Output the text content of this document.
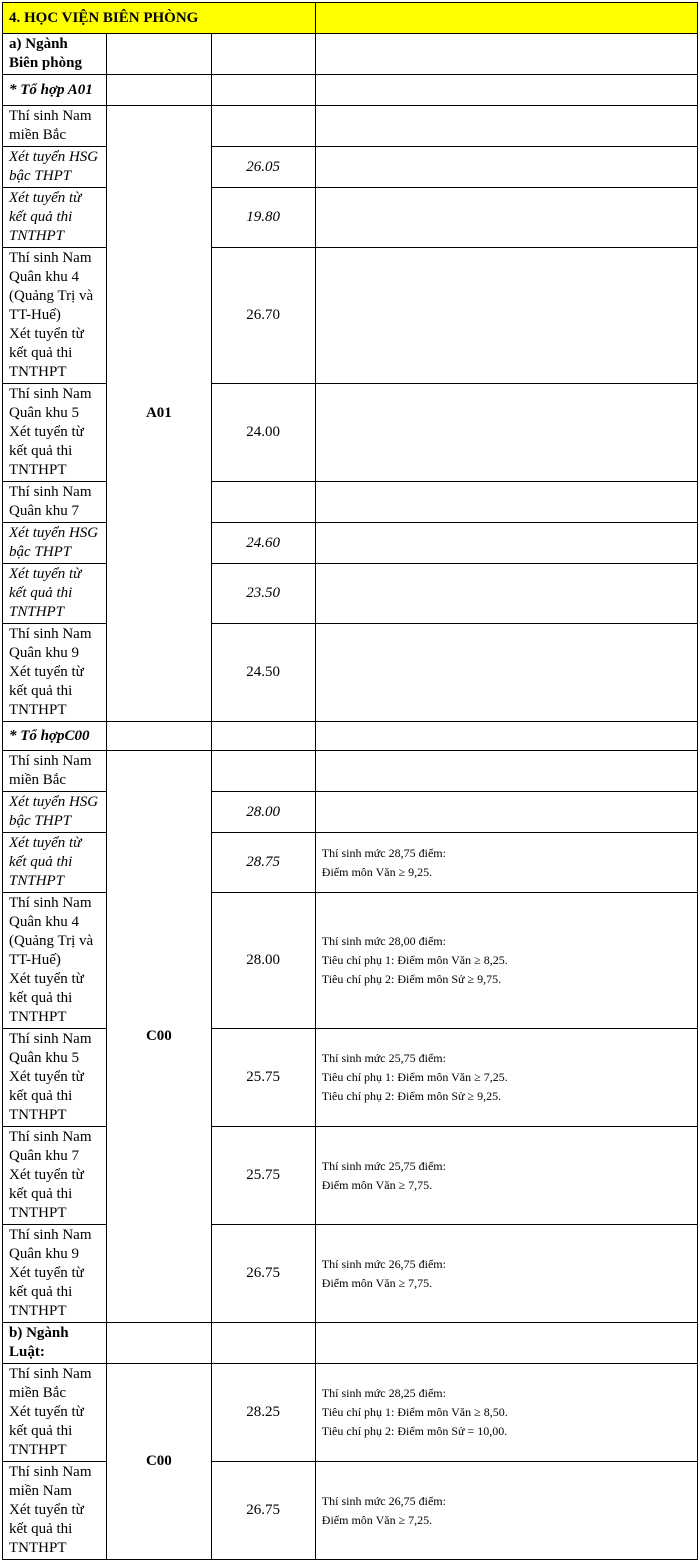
4. HỌC VIỆN BIÊN PHÒNG			
a) Ngành Biên phòng			
* Tổ hợp A01			

Thí sinh Nam miền Bắc	A01		

Xét tuyển HSG bậc THPT		26.05	

Xét tuyển từ kết quả thi TNTHPT		19.80	

Thí sinh Nam Quân khu 4
(Quảng Trị và TT-Huế)
Xét tuyển từ kết quả thi
TNTHPT		26.70	

Thí sinh Nam Quân khu 5
Xét tuyển từ kết quả thi
TNTHPT		24.00	

Thí sinh Nam Quân khu 7			

Xét tuyển HSG bậc THPT		24.60	

Xét tuyển từ kết quả thi TNTHPT		23.50	

Thí sinh Nam Quân khu 9
Xét tuyển từ kết quả thi
TNTHPT		24.50	
* Tổ hợpC00			

Thí sinh Nam miền Bắc	C00		

Xét tuyển HSG bậc THPT		28.00	

Xét tuyển từ kết quả thi TNTHPT		28.75	Thí sinh mức 28,75 điểm:
Điểm môn Văn ≥ 9,25.

Thí sinh Nam Quân khu 4
(Quảng Trị và TT-Huế)
Xét tuyển từ kết quả thi
TNTHPT		28.00	Thí sinh mức 28,00 điểm:
Tiêu chí phụ 1: Điểm môn Văn ≥ 8,25.
Tiêu chí phụ 2: Điểm môn Sử ≥ 9,75.

Thí sinh Nam Quân khu 5
Xét tuyển từ kết quả thi
TNTHPT		25.75	Thí sinh mức 25,75 điểm:
Tiêu chí phụ 1: Điểm môn Văn ≥ 7,25.
Tiêu chí phụ 2: Điểm môn Sử ≥ 9,25.

Thí sinh Nam Quân khu 7
Xét tuyển từ kết quả thi
TNTHPT		25.75	Thí sinh mức 25,75 điểm:
Điểm môn Văn ≥ 7,75.

Thí sinh Nam Quân khu 9
Xét tuyển từ kết quả thi
TNTHPT		26.75	Thí sinh mức 26,75 điểm:
Điểm môn Văn ≥ 7,75.

b) Ngành Luật:			

Thí sinh Nam miền Bắc
Xét tuyển từ kết quả thi
TNTHPT	C00	28.25	Thí sinh mức 28,25 điểm:
Tiêu chí phụ 1: Điểm môn Văn ≥ 8,50.
Tiêu chí phụ 2: Điểm môn Sử = 10,00.

Thí sinh Nam miền Nam
Xét tuyển từ kết quả thi
TNTHPT		26.75	Thí sinh mức 26,75 điểm:
Điểm môn Văn ≥ 7,25.
